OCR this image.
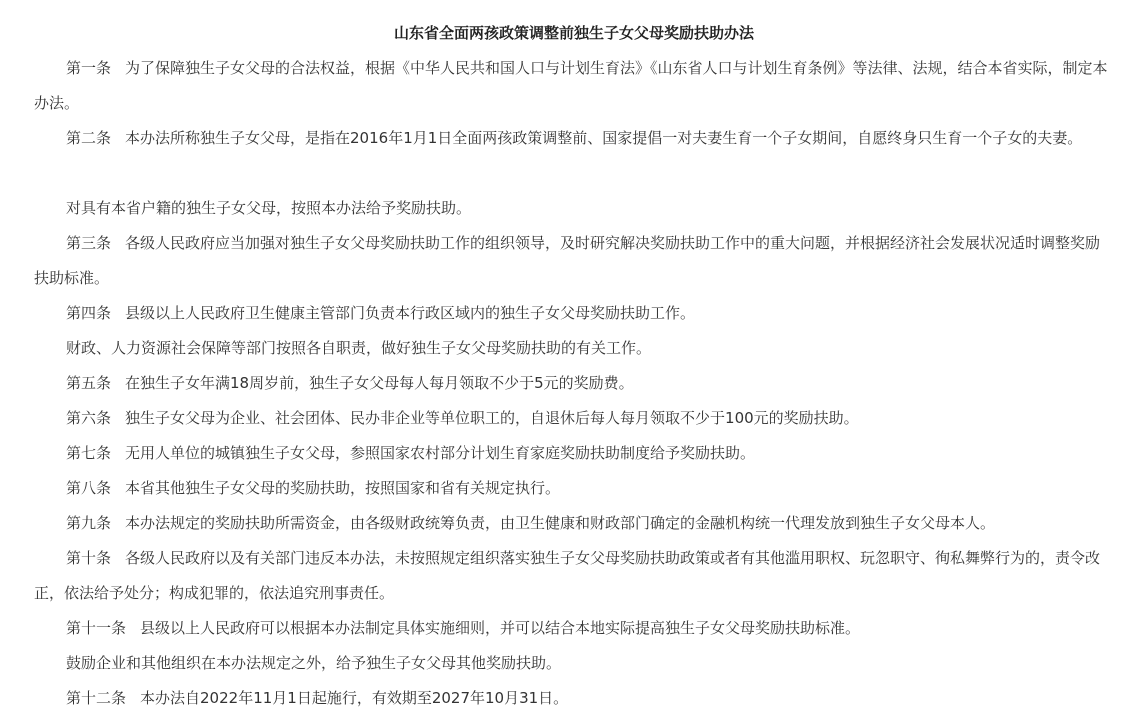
山东省全面两孩政策调整前独生子女父母奖励扶助办法
第一条 为了保障独生子女父母的合法权益，根据《中华人民共和国人口与计划生育法》《山东省人口与计划生育条例》等法律、法规，结合本省实际，制定本办法。
第二条 本办法所称独生子女父母，是指在2016年1月1日全面两孩政策调整前、国家提倡一对夫妻生育一个子女期间，自愿终身只生育一个子女的夫妻。
对具有本省户籍的独生子女父母，按照本办法给予奖励扶助。
第三条 各级人民政府应当加强对独生子女父母奖励扶助工作的组织领导，及时研究解决奖励扶助工作中的重大问题，并根据经济社会发展状况适时调整奖励扶助标准。
第四条 县级以上人民政府卫生健康主管部门负责本行政区域内的独生子女父母奖励扶助工作。
财政、人力资源社会保障等部门按照各自职责，做好独生子女父母奖励扶助的有关工作。
第五条 在独生子女年满18周岁前，独生子女父母每人每月领取不少于5元的奖励费。
第六条 独生子女父母为企业、社会团体、民办非企业等单位职工的，自退休后每人每月领取不少于100元的奖励扶助。
第七条 无用人单位的城镇独生子女父母，参照国家农村部分计划生育家庭奖励扶助制度给予奖励扶助。
第八条 本省其他独生子女父母的奖励扶助，按照国家和省有关规定执行。
第九条 本办法规定的奖励扶助所需资金，由各级财政统筹负责，由卫生健康和财政部门确定的金融机构统一代理发放到独生子女父母本人。
第十条 各级人民政府以及有关部门违反本办法，未按照规定组织落实独生子女父母奖励扶助政策或者有其他滥用职权、玩忽职守、徇私舞弊行为的，责令改正，依法给予处分；构成犯罪的，依法追究刑事责任。
第十一条 县级以上人民政府可以根据本办法制定具体实施细则，并可以结合本地实际提高独生子女父母奖励扶助标准。
鼓励企业和其他组织在本办法规定之外，给予独生子女父母其他奖励扶助。
第十二条 本办法自2022年11月1日起施行，有效期至2027年10月31日。
